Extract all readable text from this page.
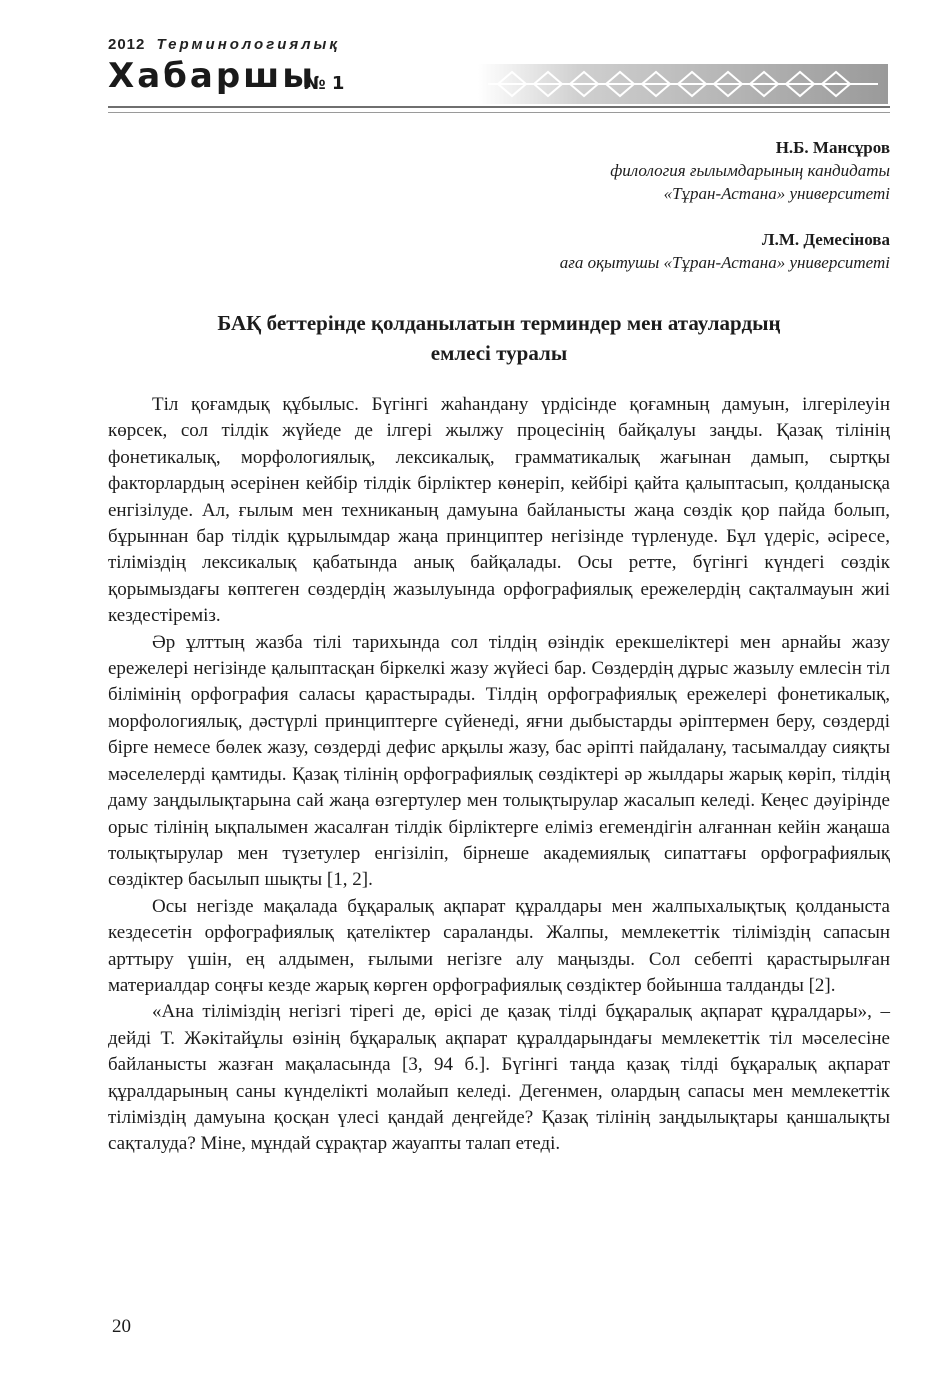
2012 Терминологиялық
Хабаршы
№ 1
Н.Б. Мансұров
филология ғылымдарының кандидаты
«Тұран-Астана» университеті
Л.М. Демесінова
аға оқытушы «Тұран-Астана» университеті
БАҚ беттерінде қолданылатын терминдер мен атаулардың
емлесі туралы

Тіл қоғамдық құбылыс. Бүгінгі жаһандану үрдісінде қоғамның дамуын, ілгерілеуін көрсек, сол тілдік жүйеде де ілгері жылжу процесінің байқалуы заңды. Қазақ тілінің фонетикалық, морфологиялық, лексикалық, грамматикалық жағынан дамып, сыртқы факторлардың әсерінен кейбір тілдік бірліктер көнеріп, кейбірі қайта қалыптасып, қолданысқа енгізілуде. Ал, ғылым мен техниканың дамуына байланысты жаңа сөздік қор пайда болып, бұрыннан бар тілдік құрылымдар жаңа принциптер негізінде түрленуде. Бұл үдеріс, әсіресе, тіліміздің лексикалық қабатында анық байқалады. Осы ретте, бүгінгі күндегі сөздік қорымыздағы көптеген сөздердің жазылуында орфографиялық ережелердің сақталмауын жиі кездестіреміз.

Әр ұлттың жазба тілі тарихында сол тілдің өзіндік ерекшеліктері мен арнайы жазу ережелері негізінде қалыптасқан біркелкі жазу жүйесі бар. Сөздердің дұрыс жазылу емлесін тіл білімінің орфография саласы қарастырады. Тілдің орфографиялық ережелері фонетикалық, морфологиялық, дәстүрлі принциптерге сүйенеді, яғни дыбыстарды әріптермен беру, сөздерді бірге немесе бөлек жазу, сөздерді дефис арқылы жазу, бас әріпті пайдалану, тасымалдау сияқты мәселелерді қамтиды. Қазақ тілінің орфографиялық сөздіктері әр жылдары жарық көріп, тілдің даму заңдылықтарына сай жаңа өзгертулер мен толықтырулар жасалып келеді. Кеңес дәуірінде орыс тілінің ықпалымен жасалған тілдік бірліктерге еліміз егемендігін алғаннан кейін жаңаша толықтырулар мен түзетулер енгізіліп, бірнеше академиялық сипаттағы орфографиялық сөздіктер басылып шықты [1, 2].

Осы негізде мақалада бұқаралық ақпарат құралдары мен жалпыхалықтық қолданыста кездесетін орфографиялық қателіктер сараланды. Жалпы, мемлекеттік тіліміздің сапасын арттыру үшін, ең алдымен, ғылыми негізге алу маңызды. Сол себепті қарастырылған материалдар соңғы кезде жарық көрген орфографиялық сөздіктер бойынша талданды [2].

«Ана тіліміздің негізгі тірегі де, өрісі де қазақ тілді бұқаралық ақпарат құралдары», – дейді Т. Жәкітайұлы өзінің бұқаралық ақпарат құралдарындағы мемлекеттік тіл мәселесіне байланысты жазған мақаласында [3, 94 б.]. Бүгінгі таңда қазақ тілді бұқаралық ақпарат құралдарының саны күнделікті молайып келеді. Дегенмен, олардың сапасы мен мемлекеттік тіліміздің дамуына қосқан үлесі қандай деңгейде? Қазақ тілінің заңдылықтары қаншалықты сақталуда? Міне, мұндай сұрақтар жауапты талап етеді.

20
